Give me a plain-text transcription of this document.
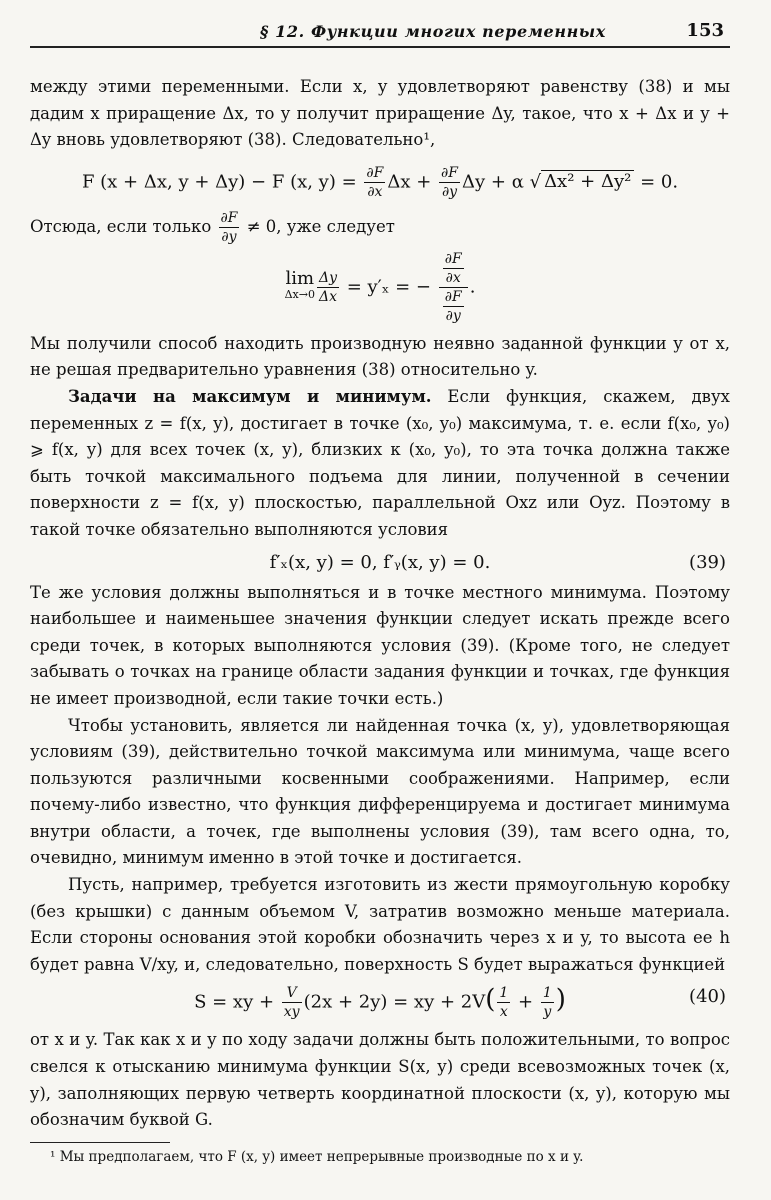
§ 12. Функции многих переменных	153

между этими переменными. Если x, y удовлетворяют равенству (38) и мы дадим x приращение Δx, то y получит приращение Δy, такое, что x + Δx и y + Δy вновь удовлетворяют (38). Следовательно¹,

F (x + Δx, y + Δy) − F (x, $y) = \frac{\partial F}{\partial x}$ $\Delta x + \frac{\partial F}{\partial y}$ Δy + α √ Δx² + Δy² = 0.

Отсюда, если только $\frac{\partial F}{\partial y} \ne 0$, уже следует

lim
$\Delta x\to 0 \frac{\Delta y}{\Delta x} = y'_x$ = − $\frac{\frac{\partial F}{\partial x}}{\frac{\partial F}{\partial y}}$ .

Мы получили способ находить производную неявно заданной функции y от x, не решая предварительно уравнения (38) относительно y.

Задачи на максимум и минимум. Если функция, скажем, двух переменных z = f(x, y), достигает в точке (x₀, y₀) максимума, т. е. если f(x₀, y₀) ⩾ f(x, y) для всех точек (x, y), близких к (x₀, y₀), то эта точка должна также быть точкой максимального подъема для линии, полученной в сечении поверхности z = f(x, y) плоскостью, параллельной Oxz или Oyz. Поэтому в такой точке обязательно выполняются условия

f′ₓ(x, y) = 0, f′ᵧ(x, y) = 0.	(39)

Те же условия должны выполняться и в точке местного минимума. Поэтому наибольшее и наименьшее значения функции следует искать прежде всего среди точек, в которых выполняются условия (39). (Кроме того, не следует забывать о точках на границе области задания функции и точках, где функция не имеет производной, если такие точки есть.)

Чтобы установить, является ли найденная точка (x, y), удовлетворяющая условиям (39), действительно точкой максимума или минимума, чаще всего пользуются различными косвенными соображениями. Например, если почему-либо известно, что функция дифференцируема и достигает минимума внутри области, а точек, где выполнены условия (39), там всего одна, то, очевидно, минимум именно в этой точке и достигается.

Пусть, например, требуется изготовить из жести прямоугольную коробку (без крышки) с данным объемом V, затратив возможно меньше материала. Если стороны основания этой коробки обозначить через x и y, то высота ее h будет равна V/xy, и, следовательно, поверхность S будет выражаться функцией

S = xy + $\frac{V}{xy} (2x + 2y)$ = xy + $2V( \frac{1}{x} + \frac{1}{y}$ )	(40)

от x и y. Так как x и y по ходу задачи должны быть положительными, то вопрос свелся к отысканию минимума функции S(x, y) среди всевозможных точек (x, y), заполняющих первую четверть координатной плоскости (x, y), которую мы обозначим буквой G.

¹ Мы предполагаем, что F (x, y) имеет непрерывные производные по x и y.
